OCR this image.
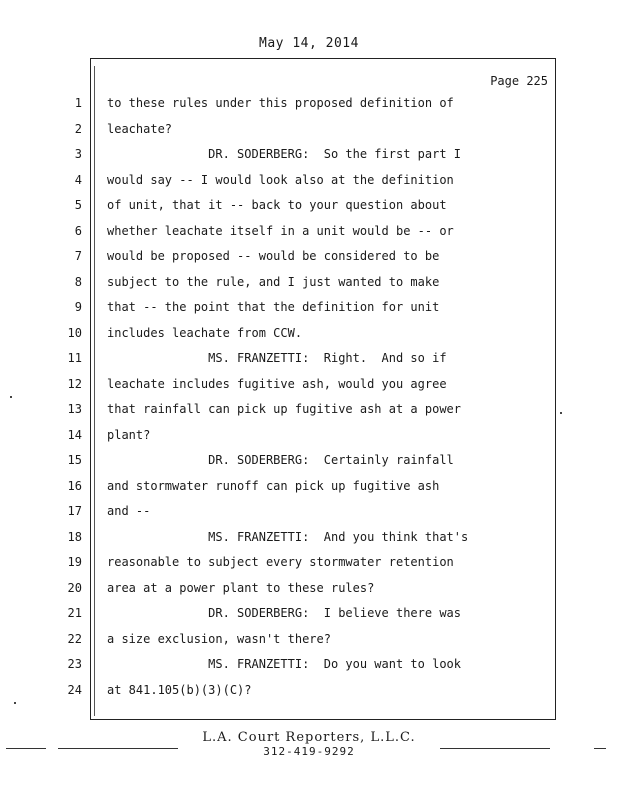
May 14, 2014
Page 225
1 to these rules under this proposed definition of
2 leachate?
3 DR. SODERBERG:  So the first part I
4 would say -- I would look also at the definition
5 of unit, that it -- back to your question about
6 whether leachate itself in a unit would be -- or
7 would be proposed -- would be considered to be
8 subject to the rule, and I just wanted to make
9 that -- the point that the definition for unit
10 includes leachate from CCW.
11 MS. FRANZETTI:  Right.  And so if
12 leachate includes fugitive ash, would you agree
13 that rainfall can pick up fugitive ash at a power
14 plant?
15 DR. SODERBERG:  Certainly rainfall
16 and stormwater runoff can pick up fugitive ash
17 and --
18 MS. FRANZETTI:  And you think that's
19 reasonable to subject every stormwater retention
20 area at a power plant to these rules?
21 DR. SODERBERG:  I believe there was
22 a size exclusion, wasn't there?
23 MS. FRANZETTI:  Do you want to look
24 at 841.105(b)(3)(C)?
L.A. Court Reporters, L.L.C.
312-419-9292
